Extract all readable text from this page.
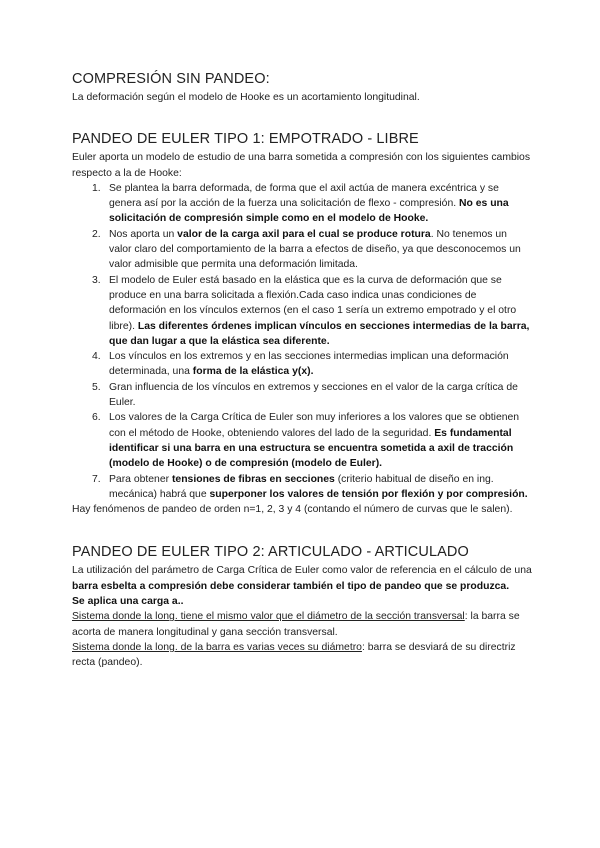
COMPRESIÓN SIN PANDEO:

La deformación según el modelo de Hooke es un acortamiento longitudinal.

PANDEO DE EULER TIPO 1: EMPOTRADO - LIBRE

Euler aporta un modelo de estudio de una barra sometida a compresión con los siguientes cambios respecto a la de Hooke:

1. Se plantea la barra deformada, de forma que el axil actúa de manera excéntrica y se genera así por la acción de la fuerza una solicitación de flexo - compresión. No es una solicitación de compresión simple como en el modelo de Hooke.
2. Nos aporta un valor de la carga axil para el cual se produce rotura. No tenemos un valor claro del comportamiento de la barra a efectos de diseño, ya que desconocemos un valor admisible que permita una deformación limitada.
3. El modelo de Euler está basado en la elástica que es la curva de deformación que se produce en una barra solicitada a flexión.Cada caso indica unas condiciones de deformación en los vínculos externos (en el caso 1 sería un extremo empotrado y el otro libre). Las diferentes órdenes implican vínculos en secciones intermedias de la barra, que dan lugar a que la elástica sea diferente.
4. Los vínculos en los extremos y en las secciones intermedias implican una deformación determinada, una forma de la elástica y(x).
5. Gran influencia de los vínculos en extremos y secciones en el valor de la carga crítica de Euler.
6. Los valores de la Carga Crítica de Euler son muy inferiores a los valores que se obtienen con el método de Hooke, obteniendo valores del lado de la seguridad. Es fundamental identificar si una barra en una estructura se encuentra sometida a axil de tracción (modelo de Hooke) o de compresión (modelo de Euler).
7. Para obtener tensiones de fibras en secciones (criterio habitual de diseño en ing. mecánica) habrá que superponer los valores de tensión por flexión y por compresión.

Hay fenómenos de pandeo de orden n=1, 2, 3 y 4 (contando el número de curvas que le salen).

PANDEO DE EULER TIPO 2: ARTICULADO - ARTICULADO

La utilización del parámetro de Carga Crítica de Euler como valor de referencia en el cálculo de una barra esbelta a compresión debe considerar también el tipo de pandeo que se produzca.

Se aplica una carga a..

Sistema donde la long. tiene el mismo valor que el diámetro de la sección transversal: la barra se acorta de manera longitudinal y gana sección transversal.

Sistema donde la long. de la barra es varias veces su diámetro: barra se desviará de su directriz recta (pandeo).
